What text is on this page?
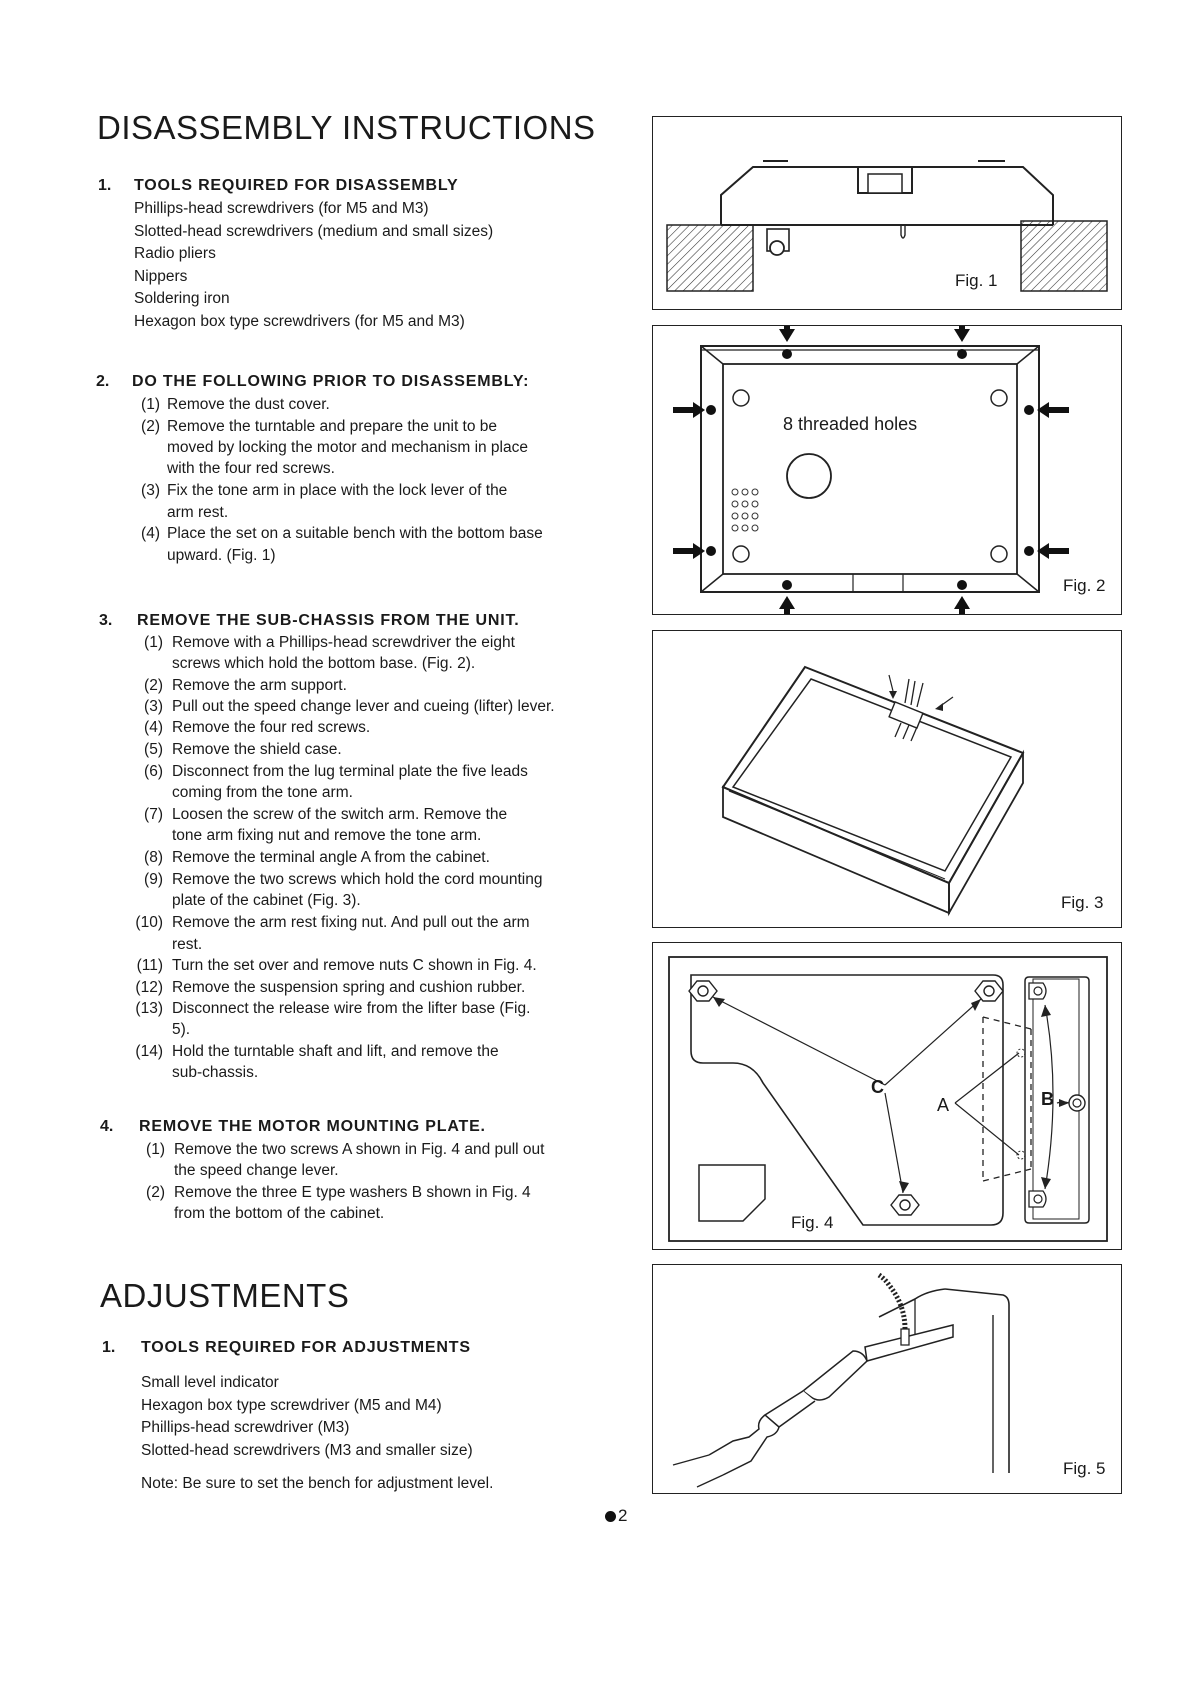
DISASSEMBLY INSTRUCTIONS
1. TOOLS REQUIRED FOR DISASSEMBLY
Phillips-head screwdrivers (for M5 and M3)
Slotted-head screwdrivers (medium and small sizes)
Radio pliers
Nippers
Soldering iron
Hexagon box type screwdrivers (for M5 and M3)
2. DO THE FOLLOWING PRIOR TO DISASSEMBLY:
(1) Remove the dust cover.
(2) Remove the turntable and prepare the unit to be
moved by locking the motor and mechanism in place
with the four red screws.
(3) Fix the tone arm in place with the lock lever of the
arm rest.
(4) Place the set on a suitable bench with the bottom base
upward. (Fig. 1)
3. REMOVE THE SUB-CHASSIS FROM THE UNIT.
(1) Remove with a Phillips-head screwdriver the eight
screws which hold the bottom base. (Fig. 2).
(2) Remove the arm support.
(3) Pull out the speed change lever and cueing (lifter) lever.
(4) Remove the four red screws.
(5) Remove the shield case.
(6) Disconnect from the lug terminal plate the five leads
coming from the tone arm.
(7) Loosen the screw of the switch arm. Remove the
tone arm fixing nut and remove the tone arm.
(8) Remove the terminal angle A from the cabinet.
(9) Remove the two screws which hold the cord mounting
plate of the cabinet (Fig. 3).
(10) Remove the arm rest fixing nut. And pull out the arm
rest.
(11) Turn the set over and remove nuts C shown in Fig. 4.
(12) Remove the suspension spring and cushion rubber.
(13) Disconnect the release wire from the lifter base (Fig.
5).
(14) Hold the turntable shaft and lift, and remove the
sub-chassis.
4. REMOVE THE MOTOR MOUNTING PLATE.
(1) Remove the two screws A shown in Fig. 4 and pull out
the speed change lever.
(2) Remove the three E type washers B shown in Fig. 4
from the bottom of the cabinet.
ADJUSTMENTS
1. TOOLS REQUIRED FOR ADJUSTMENTS
Small level indicator
Hexagon box type screwdriver (M5 and M4)
Phillips-head screwdriver (M3)
Slotted-head screwdrivers (M3 and smaller size)
Note: Be sure to set the bench for adjustment level.
2
Fig. 1
8 threaded holes
Fig. 2
Fig. 3
C
A	B
Fig. 4
Fig. 5
